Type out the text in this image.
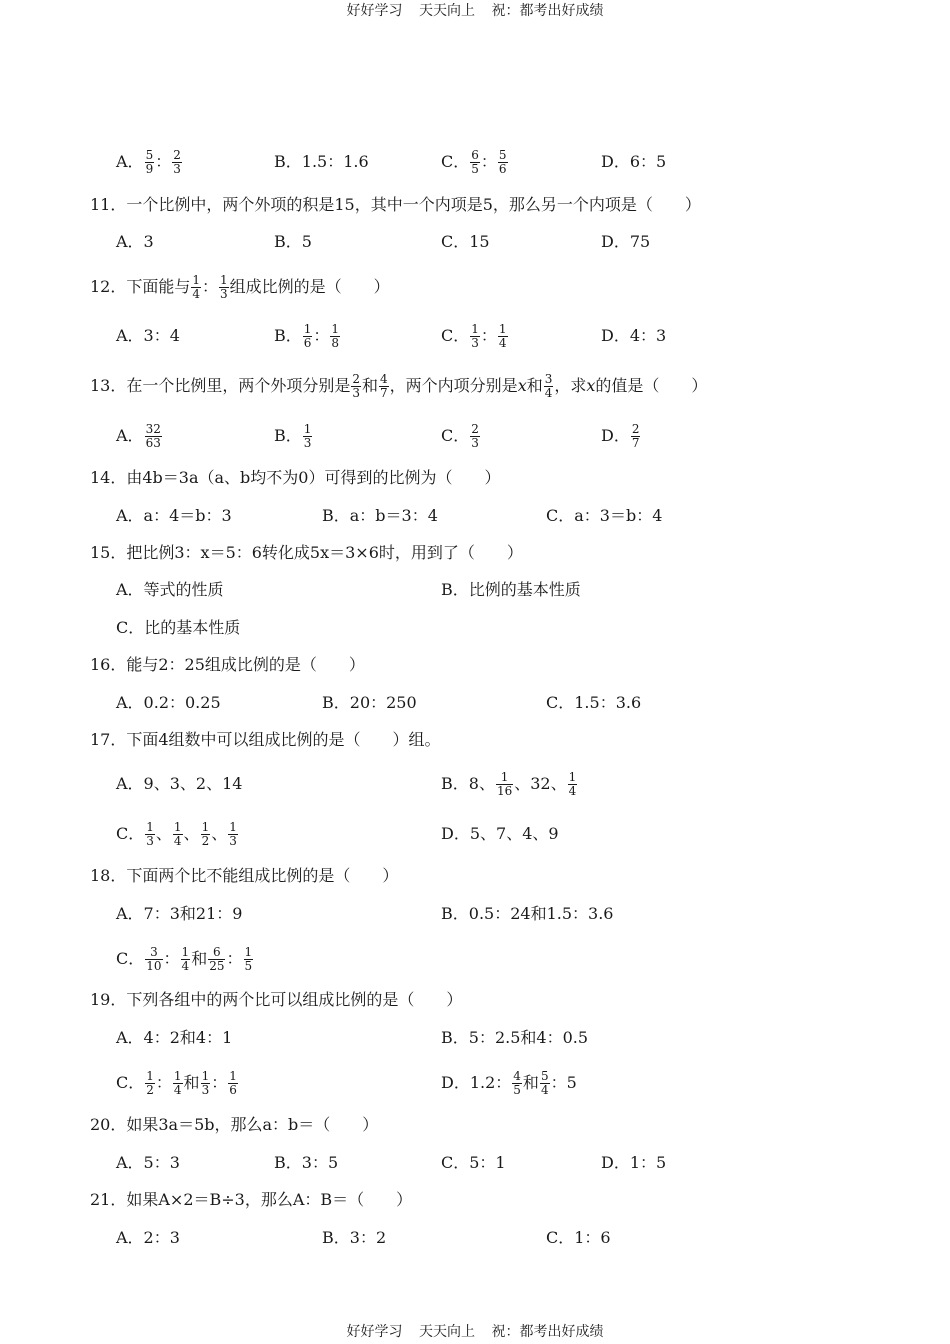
好好学习 天天向上 祝：都考出好成绩
A． $\frac{5}{9}$ ： $\frac{2}{3}$	B．1.5：1.6	C． $\frac{6}{5}$ ： $\frac{5}{6}$	D．6：5
11．一个比例中，两个外项的积是15，其中一个内项是5，那么另一个内项是（　　）
A．3	B．5	C．15	D．75
12．下面能与 $\frac{1}{4}$ ： $\frac{1}{3}$ 组成比例的是（　　）
A．3：4	B． $\frac{1}{6}$ ： $\frac{1}{8}$	C． $\frac{1}{3}$ ： $\frac{1}{4}$	D．4：3
13．在一个比例里，两个外项分别是 $\frac{2}{3}$ 和 $\frac{4}{7}$ ，两个内项分别是x和 $\frac{3}{4}$ ，求x的值是（　　）
A． $\frac{32}{63}$	B． $\frac{1}{3}$	C． $\frac{2}{3}$	D． $\frac{2}{7}$
14．由4b＝3a（a、b均不为0）可得到的比例为（　　）
A．a：4＝b：3	B．a：b＝3：4	C．a：3＝b：4
15．把比例3：x＝5：6转化成5x＝3×6时，用到了（　　）
A．等式的性质	B．比例的基本性质
C．比的基本性质
16．能与2：25组成比例的是（　　）
A．0.2：0.25	B．20：250	C．1.5：3.6
17．下面4组数中可以组成比例的是（　　）组。
A．9、3、2、14	B．8、 $\frac{1}{16}$ 、32、 $\frac{1}{4}$
C． $\frac{1}{3}$ 、 $\frac{1}{4}$ 、 $\frac{1}{2}$ 、 $\frac{1}{3}$	D．5、7、4、9
18．下面两个比不能组成比例的是（　　）
A．7：3和21：9	B．0.5：24和1.5：3.6
C． $\frac{3}{10}$ ： $\frac{1}{4}$ 和 $\frac{6}{25}$ ： $\frac{1}{5}$
19．下列各组中的两个比可以组成比例的是（　　）
A．4：2和4：1	B．5：2.5和4：0.5
C． $\frac{1}{2}$ ： $\frac{1}{4}$ 和 $\frac{1}{3}$ ： $\frac{1}{6}$	D．1.2： $\frac{4}{5}$ 和 $\frac{5}{4}$ ：5
20．如果3a＝5b，那么a：b＝（　　）
A．5：3	B．3：5	C．5：1	D．1：5
21．如果A×2＝B÷3，那么A：B＝（　　）
A．2：3	B．3：2	C．1：6
好好学习 天天向上 祝：都考出好成绩
